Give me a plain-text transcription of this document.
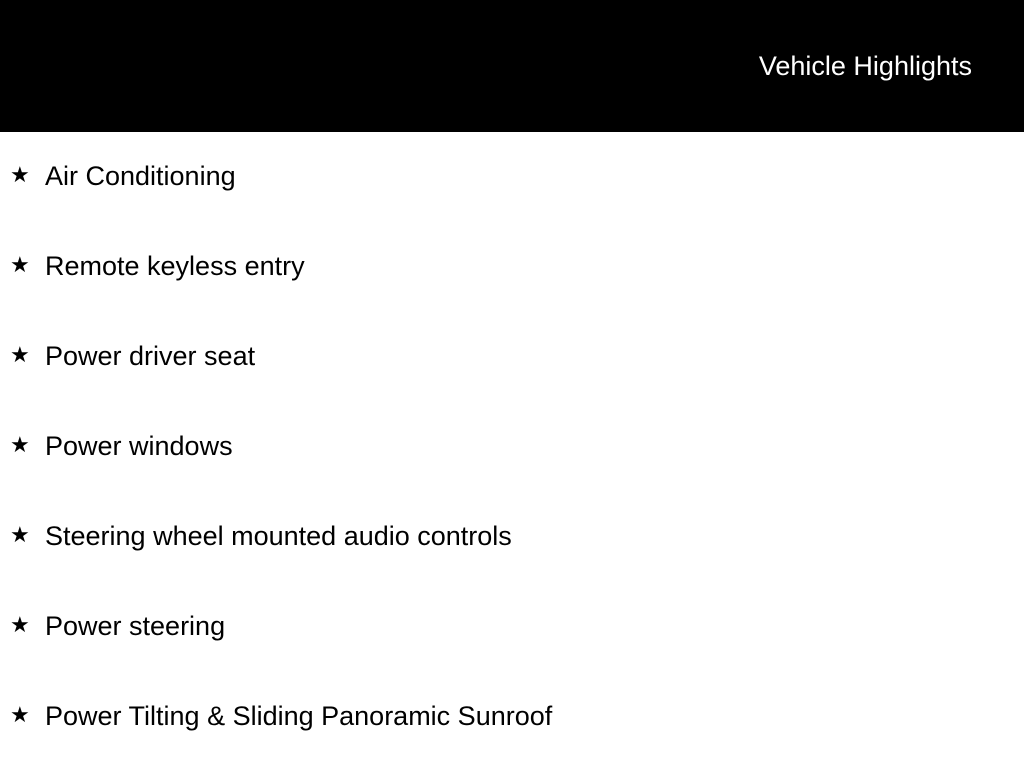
Vehicle Highlights
★ Air Conditioning
★ Remote keyless entry
★ Power driver seat
★ Power windows
★ Steering wheel mounted audio controls
★ Power steering
★ Power Tilting & Sliding Panoramic Sunroof
